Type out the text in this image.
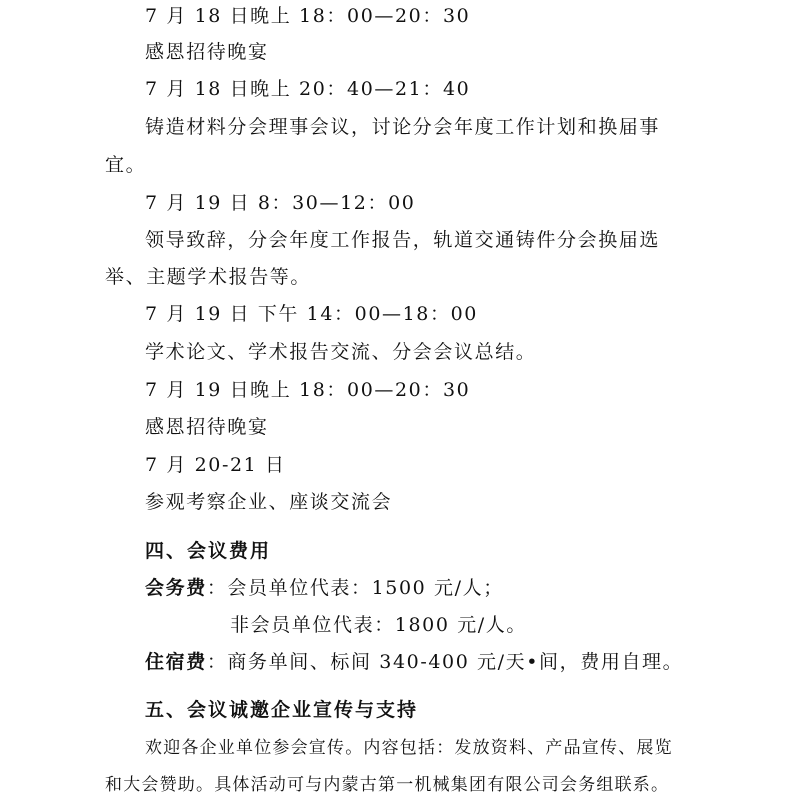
7 月 18 日晚上 18：00—20：30
感恩招待晚宴
7 月 18 日晚上 20：40—21：40
铸造材料分会理事会议，讨论分会年度工作计划和换届事
宜。
7 月 19 日 8：30—12：00
领导致辞，分会年度工作报告，轨道交通铸件分会换届选
举、主题学术报告等。
7 月 19 日 下午 14：00—18：00
学术论文、学术报告交流、分会会议总结。
7 月 19 日晚上 18：00—20：30
感恩招待晚宴
7 月 20-21 日
参观考察企业、座谈交流会
四、会议费用
会务费：会员单位代表：1500 元/人；
非会员单位代表：1800 元/人。
住宿费：商务单间、标间 340-400 元/天•间，费用自理。
五、会议诚邀企业宣传与支持
欢迎各企业单位参会宣传。内容包括：发放资料、产品宣传、展览
和大会赞助。具体活动可与内蒙古第一机械集团有限公司会务组联系。
